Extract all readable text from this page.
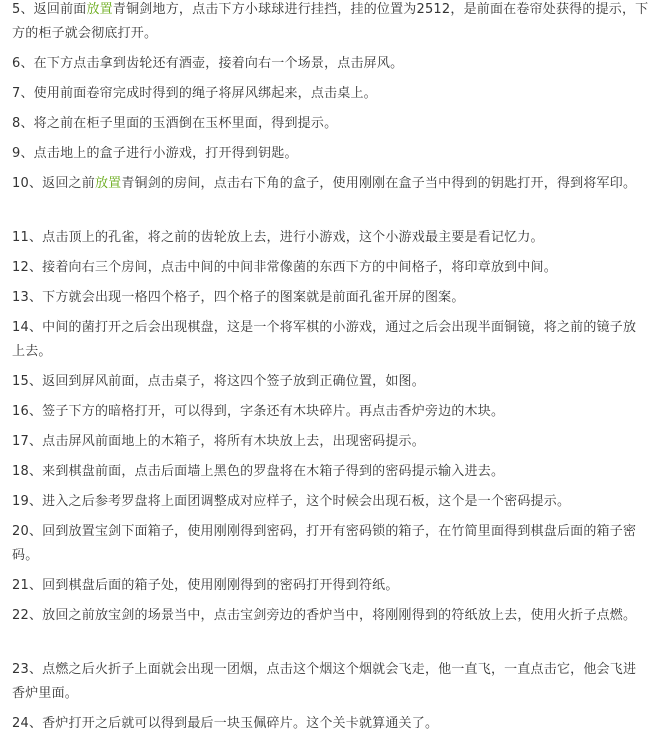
5、返回前面放置青铜剑地方，点击下方小球球进行挂挡，挂的位置为2512，是前面在卷帘处获得的提示，下方的柜子就会彻底打开。

6、在下方点击拿到齿轮还有酒壶，接着向右一个场景，点击屏风。

7、使用前面卷帘完成时得到的绳子将屏风绑起来，点击桌上。

8、将之前在柜子里面的玉酒倒在玉杯里面，得到提示。

9、点击地上的盒子进行小游戏，打开得到钥匙。

10、返回之前放置青铜剑的房间，点击右下角的盒子，使用刚刚在盒子当中得到的钥匙打开，得到将军印。

11、点击顶上的孔雀，将之前的齿轮放上去，进行小游戏，这个小游戏最主要是看记忆力。

12、接着向右三个房间，点击中间的中间非常像菌的东西下方的中间格子，将印章放到中间。

13、下方就会出现一格四个格子，四个格子的图案就是前面孔雀开屏的图案。

14、中间的菌打开之后会出现棋盘，这是一个将军棋的小游戏，通过之后会出现半面铜镜，将之前的镜子放上去。

15、返回到屏风前面，点击桌子，将这四个签子放到正确位置，如图。

16、签子下方的暗格打开，可以得到，字条还有木块碎片。再点击香炉旁边的木块。

17、点击屏风前面地上的木箱子，将所有木块放上去，出现密码提示。

18、来到棋盘前面，点击后面墙上黑色的罗盘将在木箱子得到的密码提示输入进去。

19、进入之后参考罗盘将上面团调整成对应样子，这个时候会出现石板，这个是一个密码提示。

20、回到放置宝剑下面箱子，使用刚刚得到密码，打开有密码锁的箱子，在竹简里面得到棋盘后面的箱子密码。

21、回到棋盘后面的箱子处，使用刚刚得到的密码打开得到符纸。

22、放回之前放宝剑的场景当中，点击宝剑旁边的香炉当中，将刚刚得到的符纸放上去，使用火折子点燃。

23、点燃之后火折子上面就会出现一团烟，点击这个烟这个烟就会飞走，他一直飞，一直点击它，他会飞进香炉里面。

24、香炉打开之后就可以得到最后一块玉佩碎片。这个关卡就算通关了。
